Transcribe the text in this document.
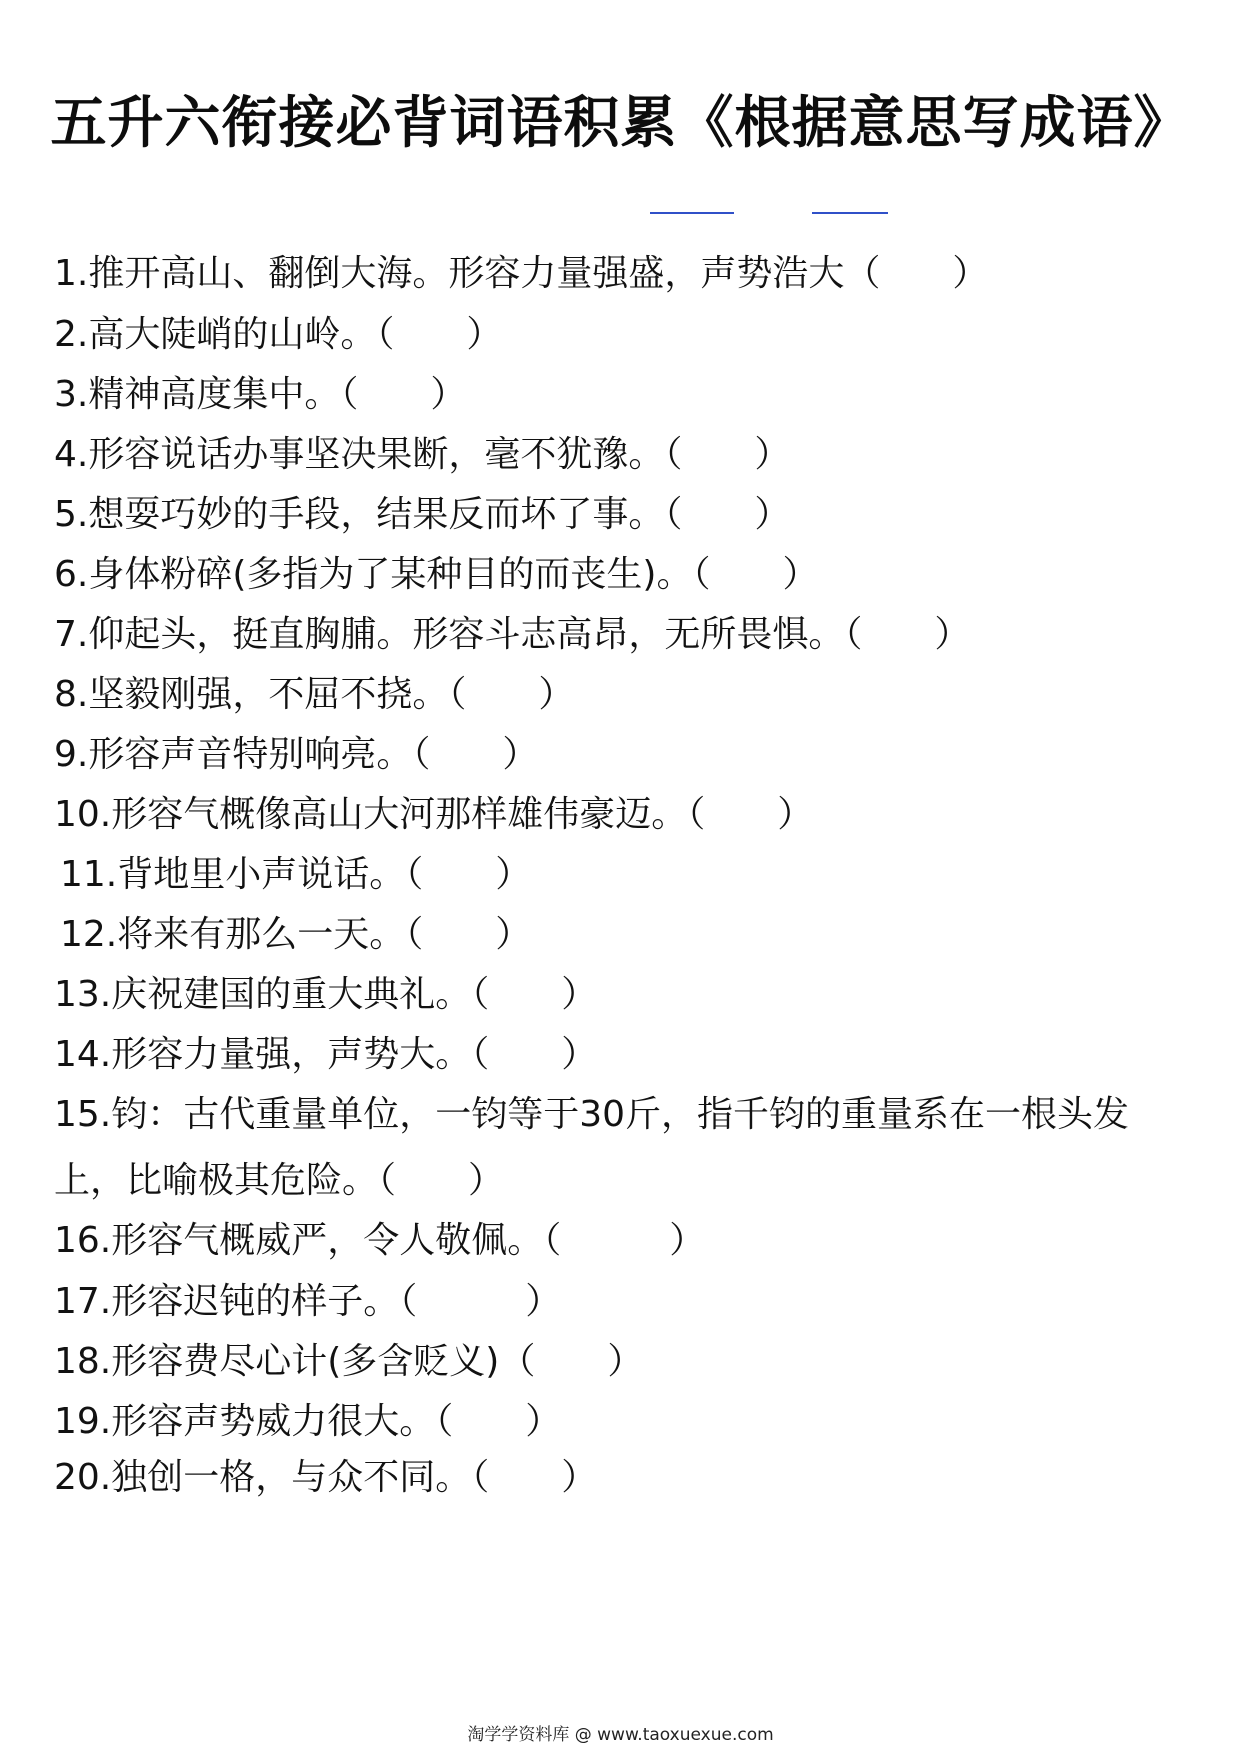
五升六衔接必背词语积累《根据意思写成语》
1.推开高山、翻倒大海。形容力量强盛，声势浩大（　　）
2.高大陡峭的山岭。（　　）
3.精神高度集中。（　　）
4.形容说话办事坚决果断，毫不犹豫。（　　）
5.想耍巧妙的手段，结果反而坏了事。（　　）
6.身体粉碎(多指为了某种目的而丧生)。（　　）
7.仰起头，挺直胸脯。形容斗志高昂，无所畏惧。（　　）
8.坚毅刚强，不屈不挠。（　　）
9.形容声音特别响亮。（　　）
10.形容气概像高山大河那样雄伟豪迈。（　　）
11.背地里小声说话。（　　）
12.将来有那么一天。（　　）
13.庆祝建国的重大典礼。（　　）
14.形容力量强，声势大。（　　）
15.钧：古代重量单位，一钧等于30斤，指千钧的重量系在一根头发上，比喻极其危险。（　　）
16.形容气概威严，令人敬佩。（　　　）
17.形容迟钝的样子。（　　　）
18.形容费尽心计(多含贬义)（　　）
19.形容声势威力很大。（　　）
20.独创一格，与众不同。（　　）
淘学学资料库 @ www.taoxuexue.com
